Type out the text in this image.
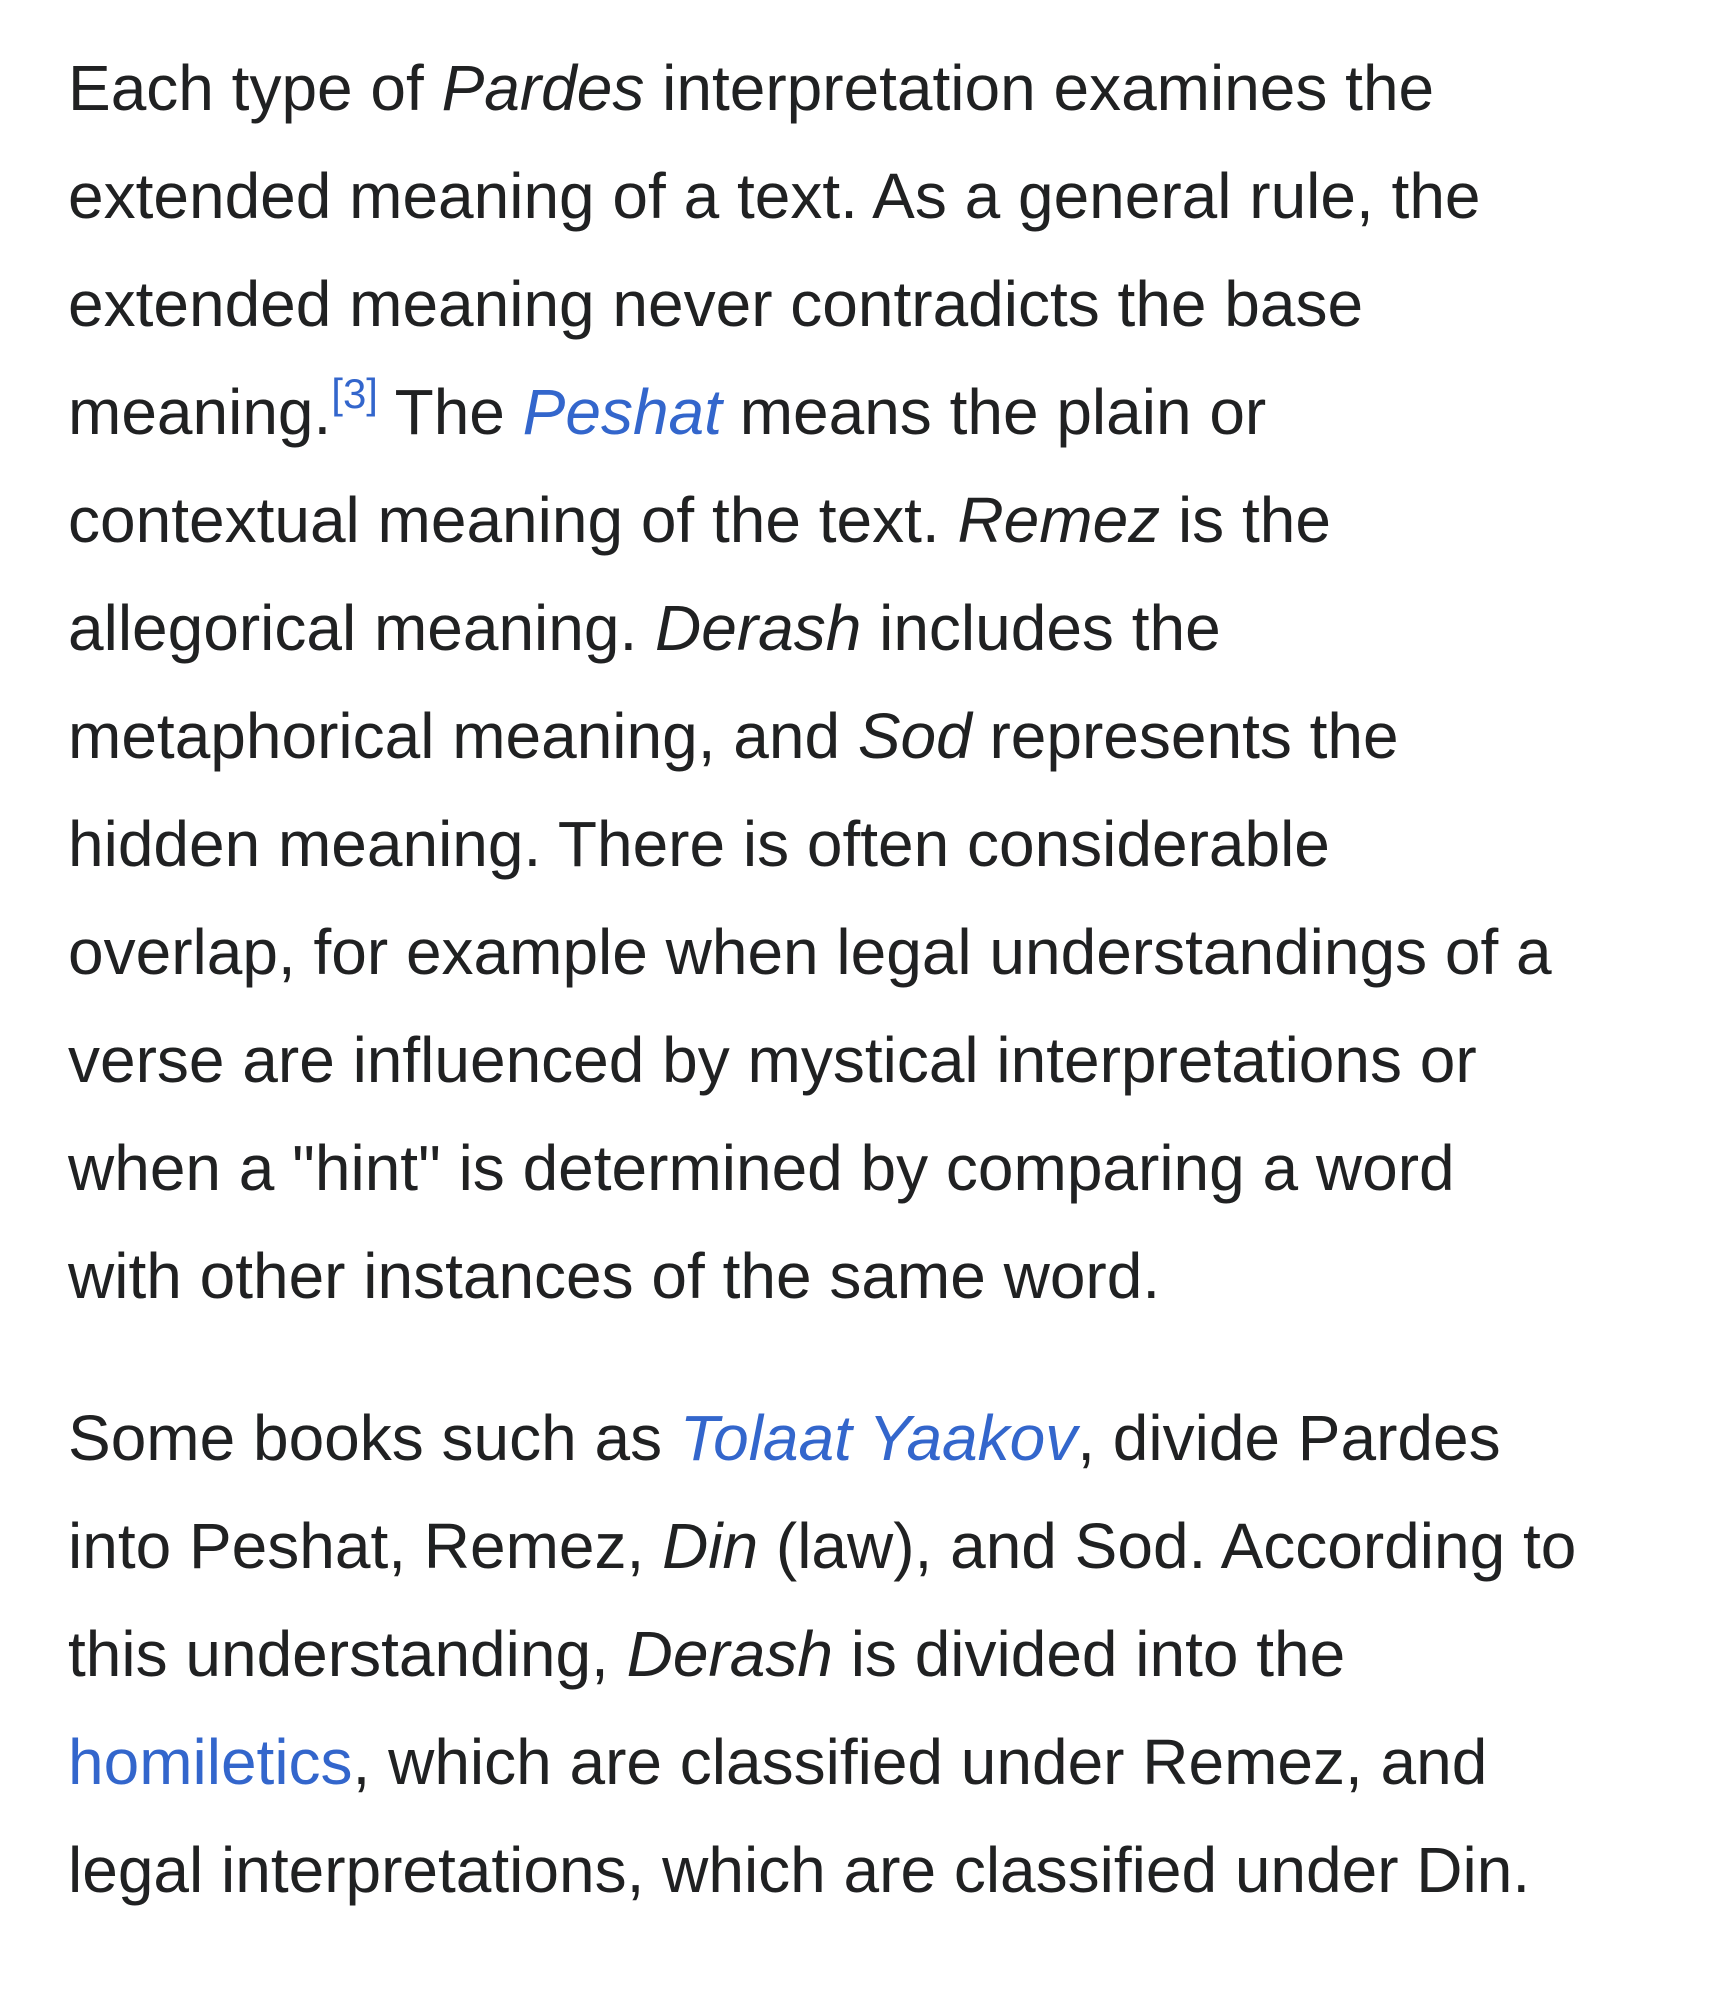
Each type of Pardes interpretation examines the
extended meaning of a text. As a general rule, the
extended meaning never contradicts the base
meaning.[3] The Peshat means the plain or
contextual meaning of the text. Remez is the
allegorical meaning. Derash includes the
metaphorical meaning, and Sod represents the
hidden meaning. There is often considerable
overlap, for example when legal understandings of a
verse are influenced by mystical interpretations or
when a "hint" is determined by comparing a word
with other instances of the same word.

Some books such as Tolaat Yaakov, divide Pardes
into Peshat, Remez, Din (law), and Sod. According to
this understanding, Derash is divided into the
homiletics, which are classified under Remez, and
legal interpretations, which are classified under Din.
